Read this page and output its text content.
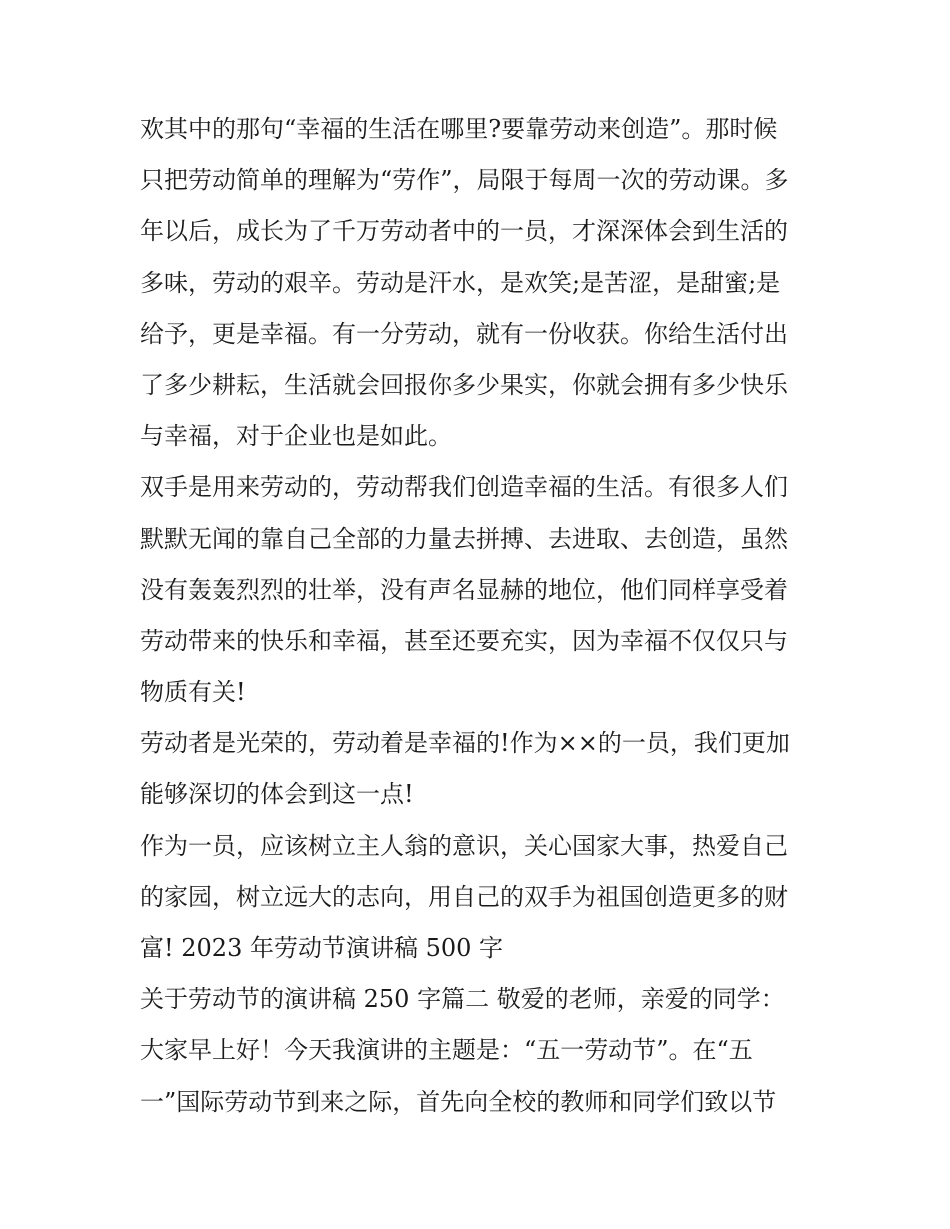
欢其中的那句“幸福的生活在哪里?要靠劳动来创造”。那时候
只把劳动简单的理解为“劳作”，局限于每周一次的劳动课。多
年以后，成长为了千万劳动者中的一员，才深深体会到生活的
多味，劳动的艰辛。劳动是汗水，是欢笑;是苦涩，是甜蜜;是
给予，更是幸福。有一分劳动，就有一份收获。你给生活付出
了多少耕耘，生活就会回报你多少果实，你就会拥有多少快乐
与幸福，对于企业也是如此。
双手是用来劳动的，劳动帮我们创造幸福的生活。有很多人们
默默无闻的靠自己全部的力量去拼搏、去进取、去创造，虽然
没有轰轰烈烈的壮举，没有声名显赫的地位，他们同样享受着
劳动带来的快乐和幸福，甚至还要充实，因为幸福不仅仅只与
物质有关!
劳动者是光荣的，劳动着是幸福的!作为××的一员，我们更加
能够深切的体会到这一点!
作为一员，应该树立主人翁的意识，关心国家大事，热爱自己
的家园，树立远大的志向，用自己的双手为祖国创造更多的财
富! 2023 年劳动节演讲稿 500 字
关于劳动节的演讲稿 250 字篇二 敬爱的老师，亲爱的同学：
大家早上好！今天我演讲的主题是：“五一劳动节”。在“五
一”国际劳动节到来之际，首先向全校的教师和同学们致以节
